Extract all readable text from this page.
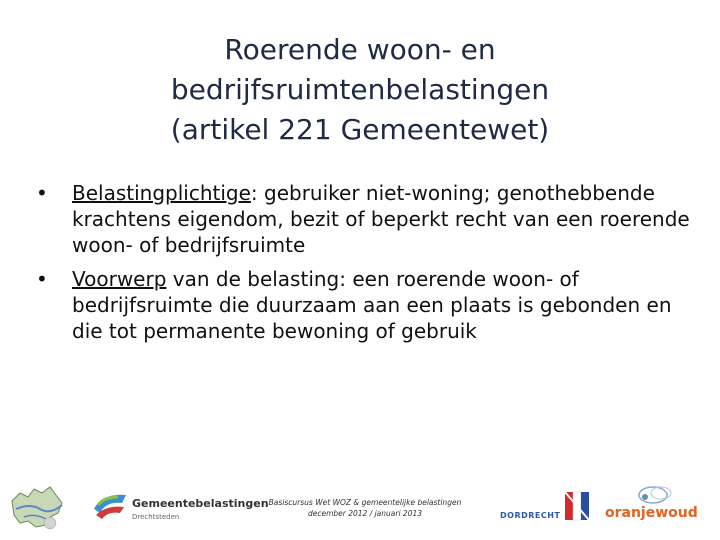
Roerende woon- en
bedrijfsruimtenbelastingen
(artikel 221 Gemeentewet)
• Belastingplichtige: gebruiker niet-woning; genothebbende krachtens eigendom, bezit of beperkt recht van een roerende woon- of bedrijfsruimte
• Voorwerp van de belasting: een roerende woon- of bedrijfsruimte die duurzaam aan een plaats is gebonden en die tot permanente bewoning of gebruik
Gemeentebelastingen
Drechtsteden
Basiscursus Wet WOZ & gemeentelijke belastingen
december 2012 / januari 2013	DORDRECHT	oranjewoud
